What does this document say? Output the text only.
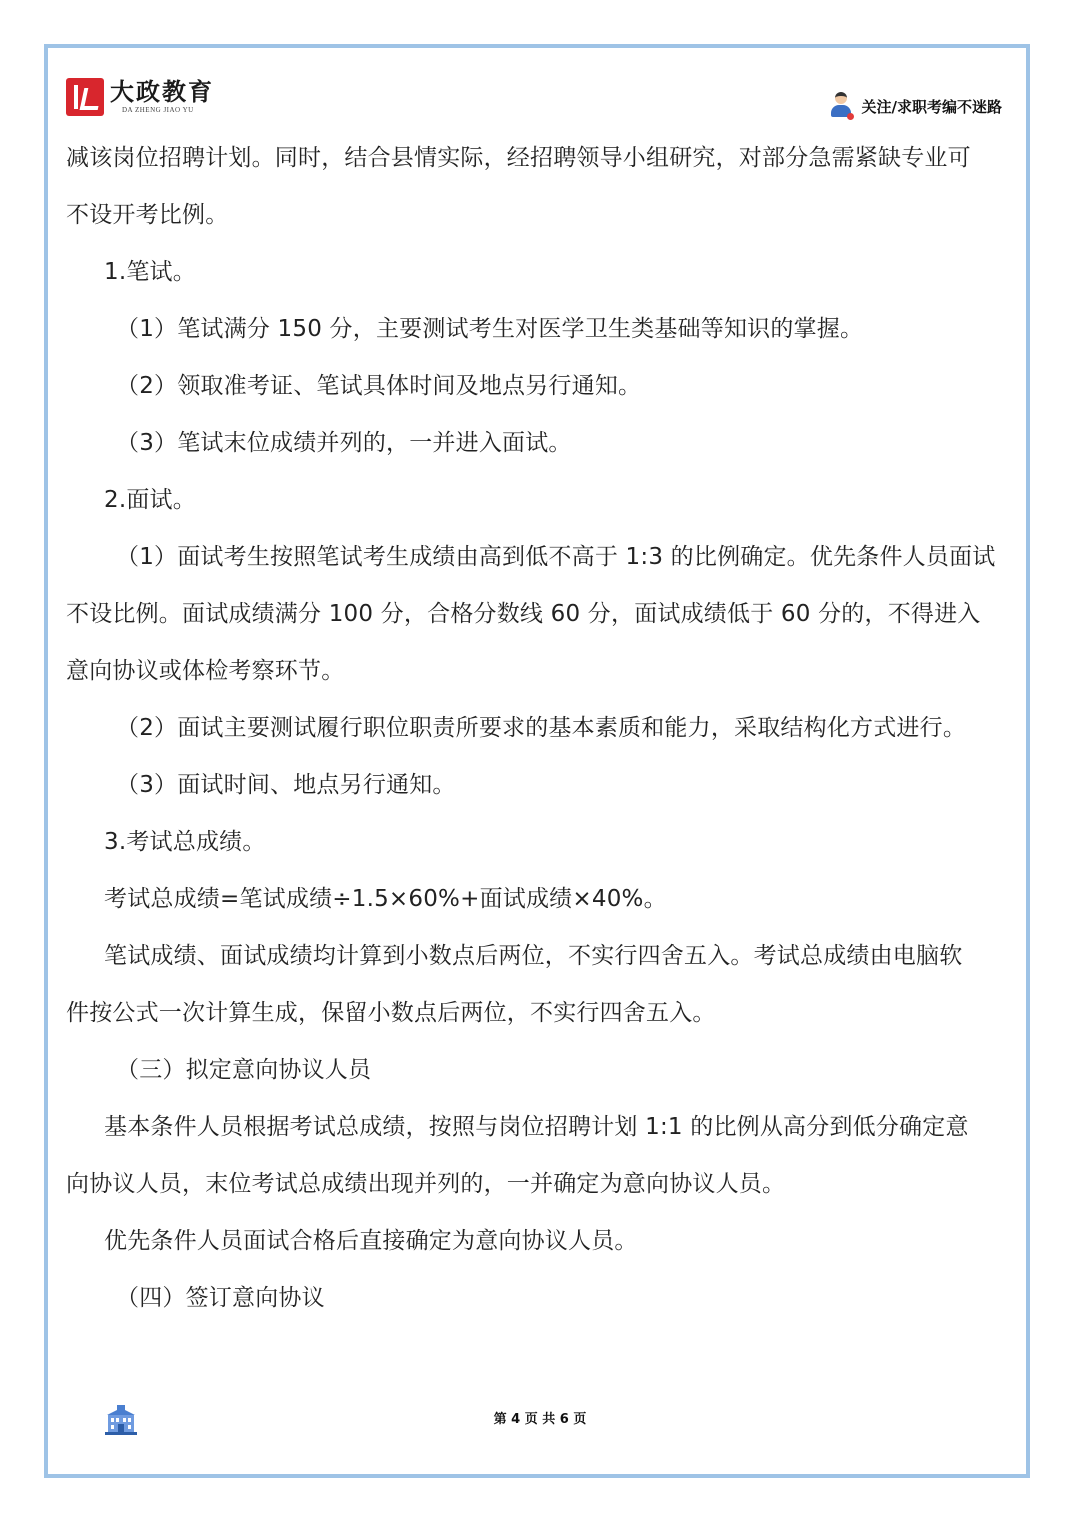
大政教育
DA ZHENG JIAO YU	关注/求职考编不迷路

减该岗位招聘计划。同时，结合县情实际，经招聘领导小组研究，对部分急需紧缺专业可

不设开考比例。

1.笔试。

（1）笔试满分 150 分，主要测试考生对医学卫生类基础等知识的掌握。

（2）领取准考证、笔试具体时间及地点另行通知。

（3）笔试末位成绩并列的，一并进入面试。

2.面试。

（1）面试考生按照笔试考生成绩由高到低不高于 1:3 的比例确定。优先条件人员面试

不设比例。面试成绩满分 100 分，合格分数线 60 分，面试成绩低于 60 分的，不得进入

意向协议或体检考察环节。

（2）面试主要测试履行职位职责所要求的基本素质和能力，采取结构化方式进行。

（3）面试时间、地点另行通知。

3.考试总成绩。

考试总成绩=笔试成绩÷1.5×60%+面试成绩×40%。

笔试成绩、面试成绩均计算到小数点后两位，不实行四舍五入。考试总成绩由电脑软

件按公式一次计算生成，保留小数点后两位，不实行四舍五入。

（三）拟定意向协议人员

基本条件人员根据考试总成绩，按照与岗位招聘计划 1:1 的比例从高分到低分确定意

向协议人员，末位考试总成绩出现并列的，一并确定为意向协议人员。

优先条件人员面试合格后直接确定为意向协议人员。

（四）签订意向协议

第 4 页 共 6 页
